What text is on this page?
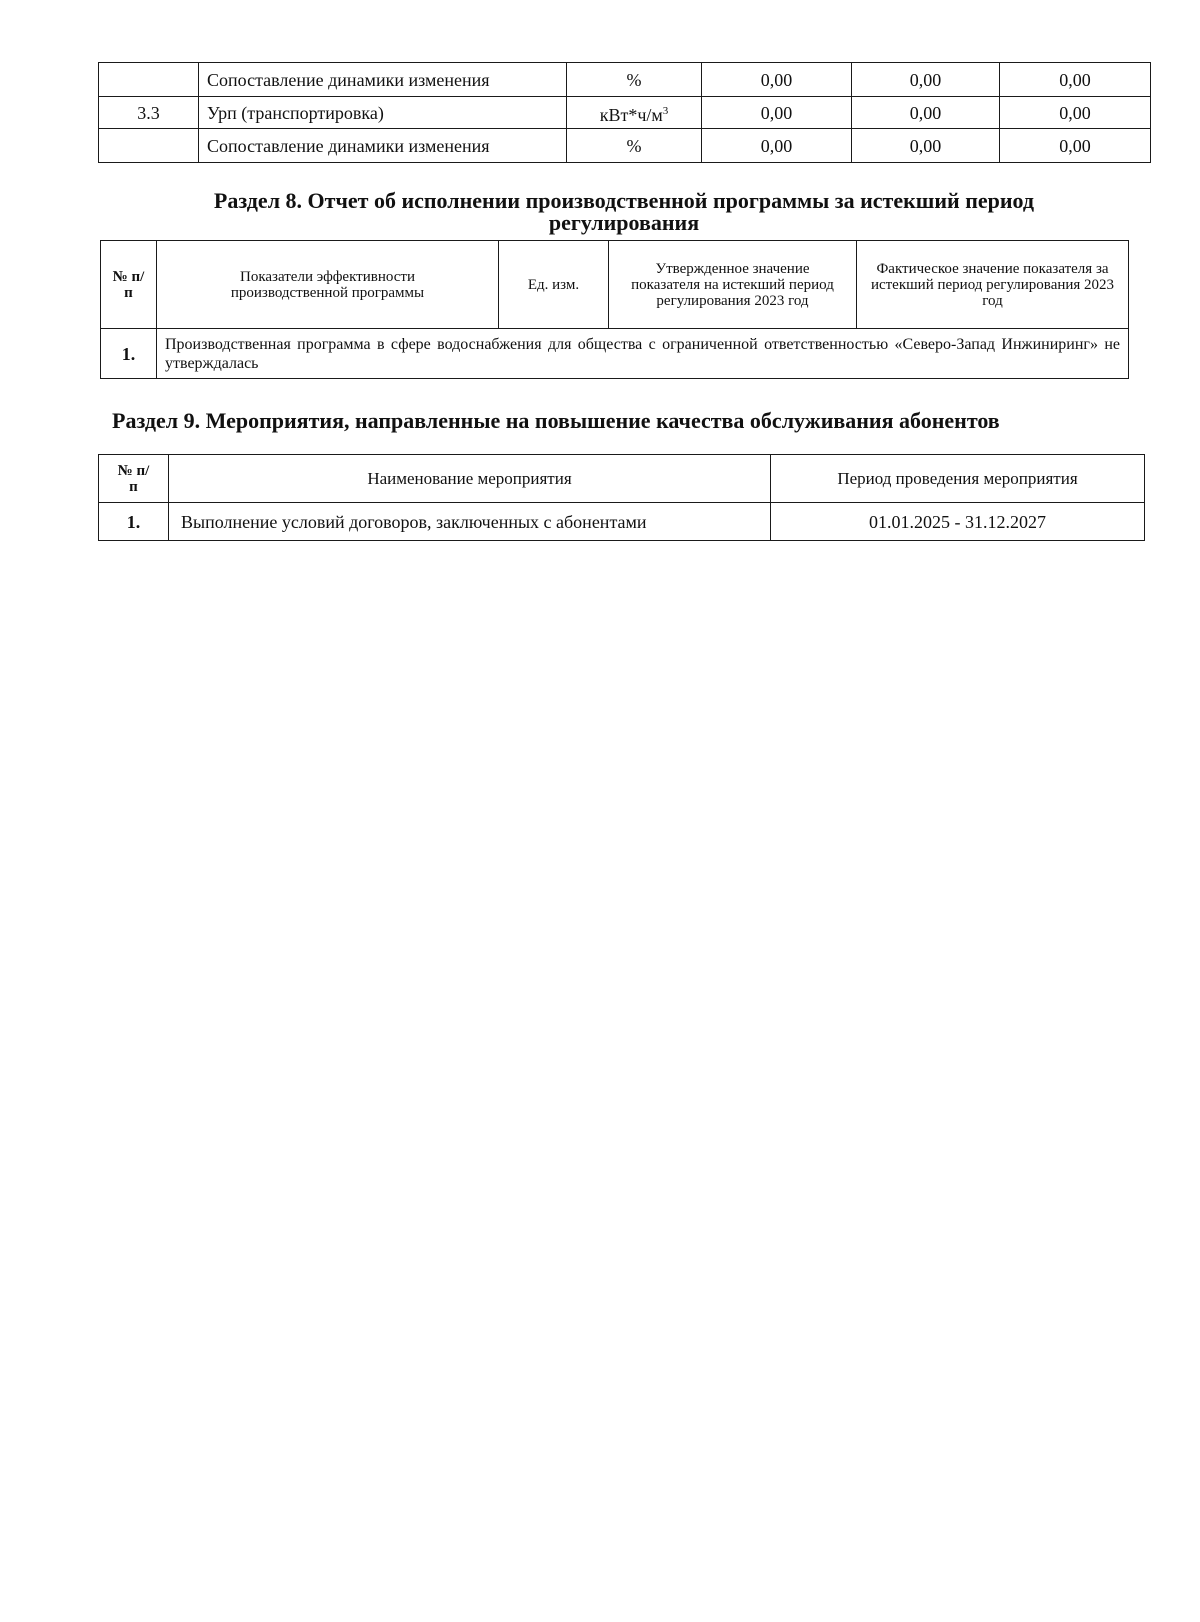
	Сопоставление динамики изменения	%	0,00	0,00	0,00
3.3	Урп (транспортировка)	$кВт*ч/м^3$	0,00	0,00	0,00
	Сопоставление динамики изменения	%	0,00	0,00	0,00
Раздел 8. Отчет об исполнении производственной программы за истекший период
регулирования
№ п/п	Показатели эффективности производственной программы	Ед. изм.	Утвержденное значение показателя на истекший период регулирования 2023 год	Фактическое значение показателя за истекший период регулирования 2023 год
1.	Производственная программа в сфере водоснабжения для общества с ограниченной ответственностью «Северо-Запад Инжиниринг» не утверждалась			
Раздел 9. Мероприятия, направленные на повышение качества обслуживания абонентов
№ п/п	Наименование мероприятия	Период проведения мероприятия
1.	Выполнение условий договоров, заключенных с абонентами	01.01.2025 - 31.12.2027
